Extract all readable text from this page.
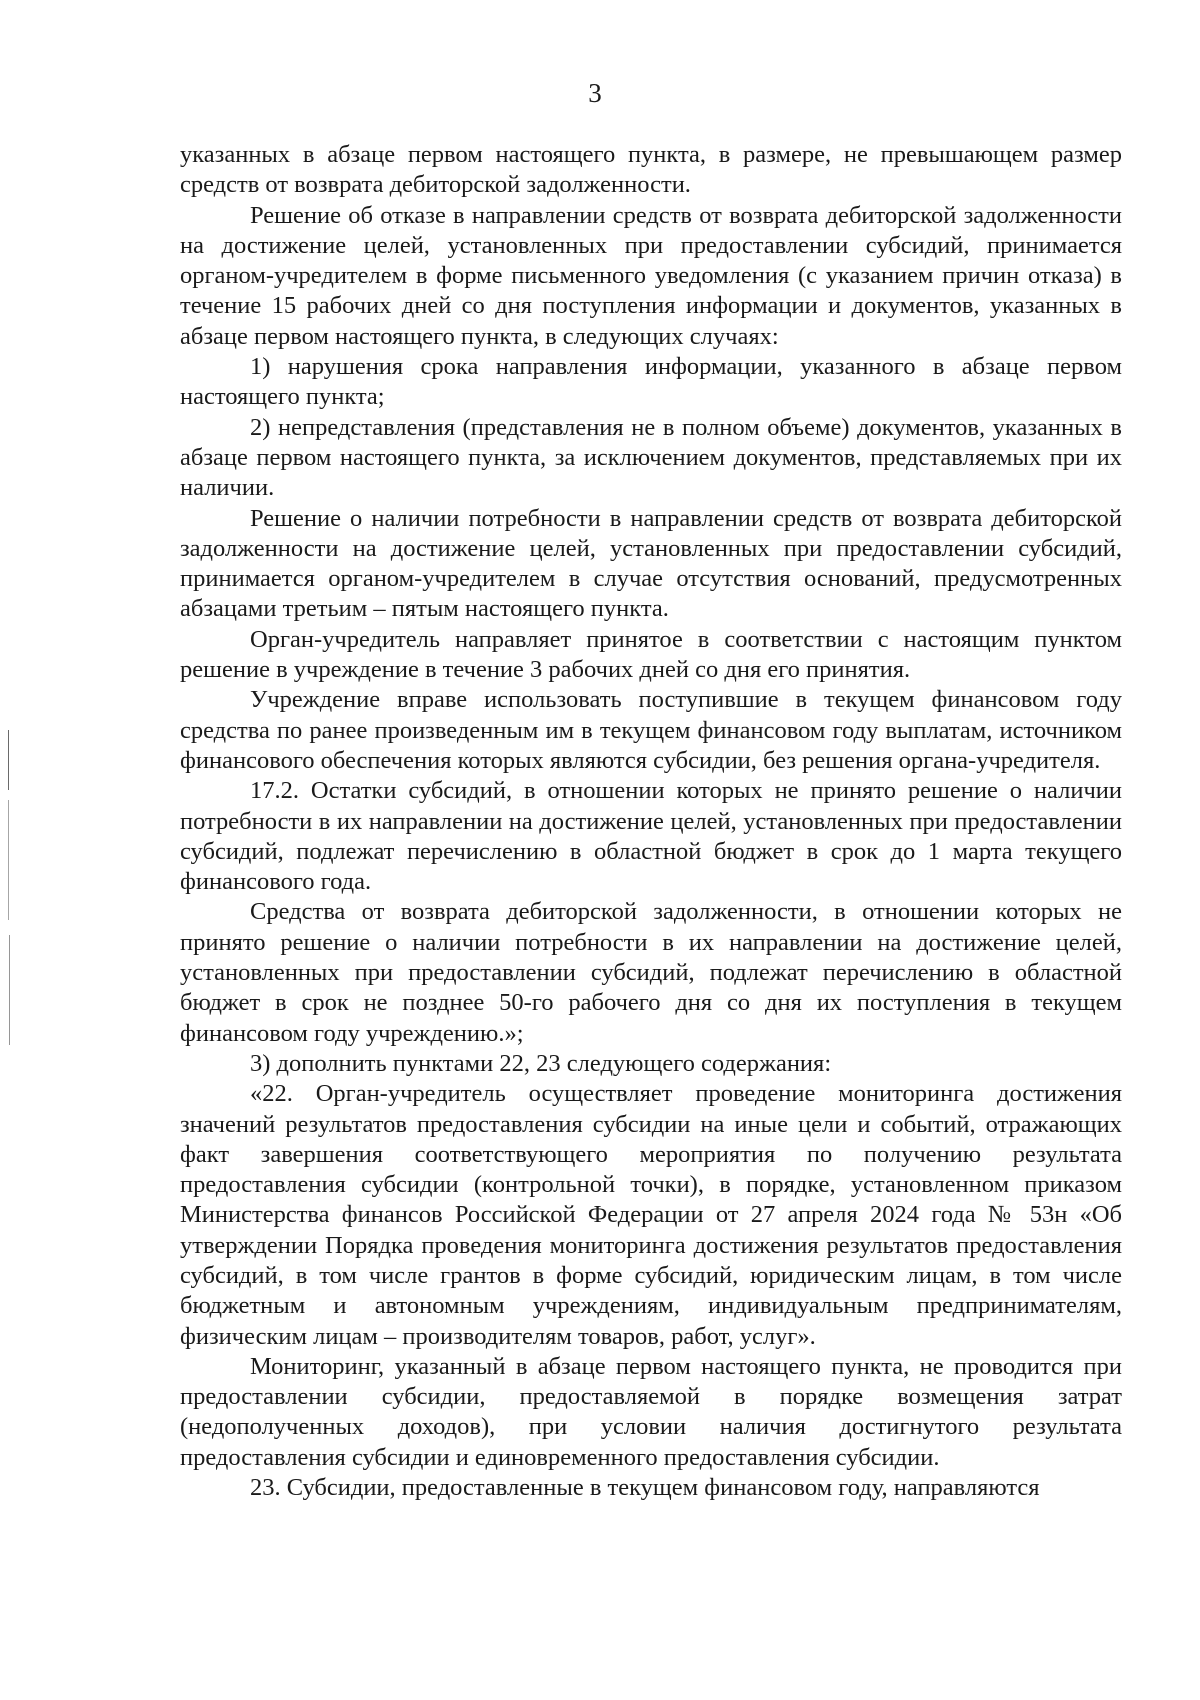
3

указанных в абзаце первом настоящего пункта, в размере, не превышающем размер средств от возврата дебиторской задолженности.

Решение об отказе в направлении средств от возврата дебиторской задолженности на достижение целей, установленных при предоставлении субсидий, принимается органом-учредителем в форме письменного уведомления (с указанием причин отказа) в течение 15 рабочих дней со дня поступления информации и документов, указанных в абзаце первом настоящего пункта, в следующих случаях:

1) нарушения срока направления информации, указанного в абзаце первом настоящего пункта;

2) непредставления (представления не в полном объеме) документов, указанных в абзаце первом настоящего пункта, за исключением документов, представляемых при их наличии.

Решение о наличии потребности в направлении средств от возврата дебиторской задолженности на достижение целей, установленных при предоставлении субсидий, принимается органом-учредителем в случае отсутствия оснований, предусмотренных абзацами третьим – пятым настоящего пункта.

Орган-учредитель направляет принятое в соответствии с настоящим пунктом решение в учреждение в течение 3 рабочих дней со дня его принятия.

Учреждение вправе использовать поступившие в текущем финансовом году средства по ранее произведенным им в текущем финансовом году выплатам, источником финансового обеспечения которых являются субсидии, без решения органа-учредителя.

17.2. Остатки субсидий, в отношении которых не принято решение о наличии потребности в их направлении на достижение целей, установленных при предоставлении субсидий, подлежат перечислению в областной бюджет в срок до 1 марта текущего финансового года.

Средства от возврата дебиторской задолженности, в отношении которых не принято решение о наличии потребности в их направлении на достижение целей, установленных при предоставлении субсидий, подлежат перечислению в областной бюджет в срок не позднее 50-го рабочего дня со дня их поступления в текущем финансовом году учреждению.»;

3) дополнить пунктами 22, 23 следующего содержания:

«22. Орган-учредитель осуществляет проведение мониторинга достижения значений результатов предоставления субсидии на иные цели и событий, отражающих факт завершения соответствующего мероприятия по получению результата предоставления субсидии (контрольной точки), в порядке, установленном приказом Министерства финансов Российской Федерации от 27 апреля 2024 года № 53н «Об утверждении Порядка проведения мониторинга достижения результатов предоставления субсидий, в том числе грантов в форме субсидий, юридическим лицам, в том числе бюджетным и автономным учреждениям, индивидуальным предпринимателям, физическим лицам – производителям товаров, работ, услуг».

Мониторинг, указанный в абзаце первом настоящего пункта, не проводится при предоставлении субсидии, предоставляемой в порядке возмещения затрат (недополученных доходов), при условии наличия достигнутого результата предоставления субсидии и единовременного предоставления субсидии.

23. Субсидии, предоставленные в текущем финансовом году, направляются
